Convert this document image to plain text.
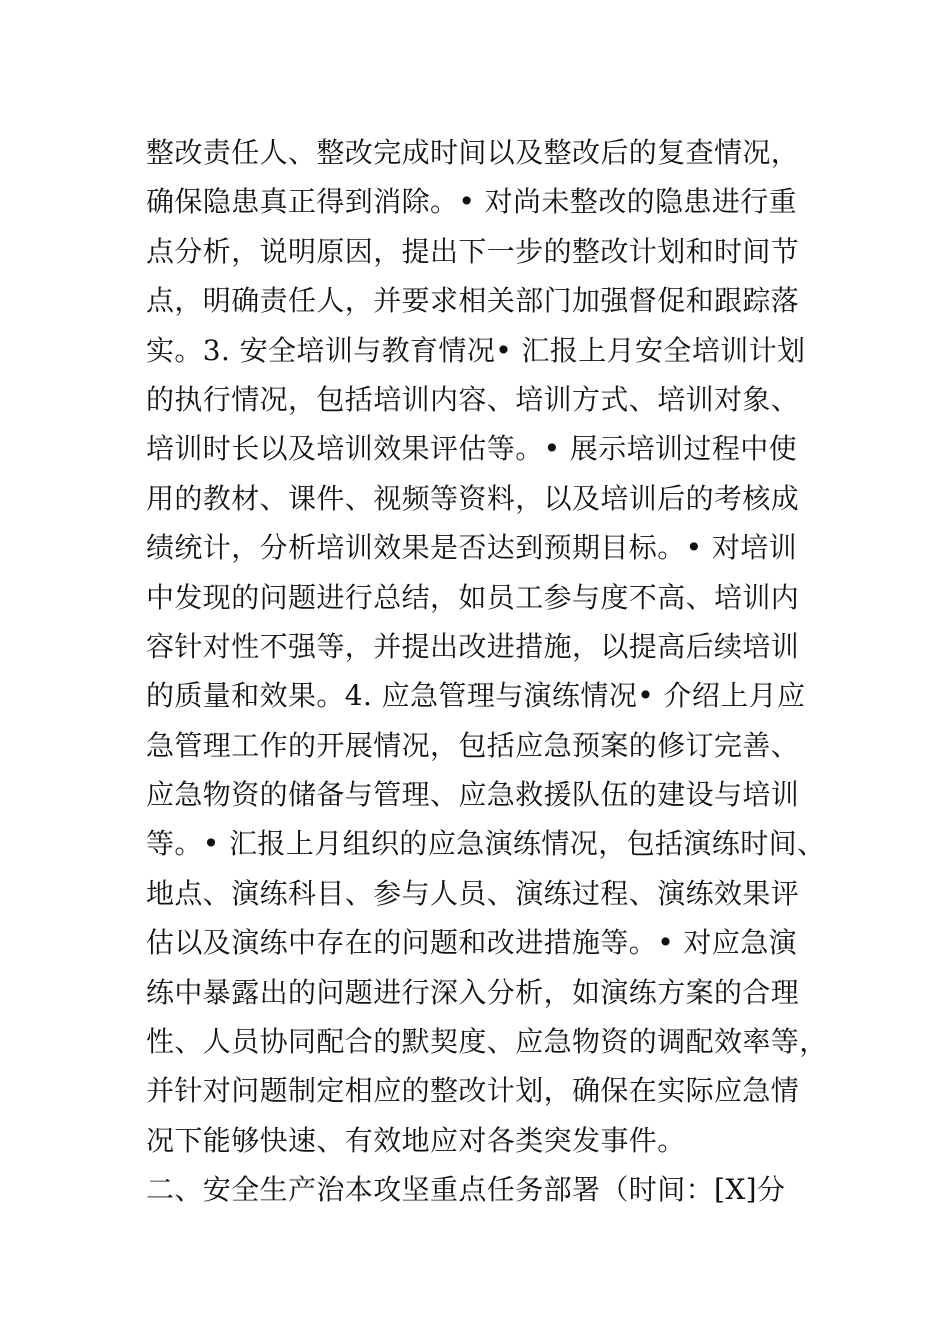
整改责任人、整改完成时间以及整改后的复查情况，
确保隐患真正得到消除。• 对尚未整改的隐患进行重
点分析，说明原因，提出下一步的整改计划和时间节
点，明确责任人，并要求相关部门加强督促和跟踪落
实。3. 安全培训与教育情况• 汇报上月安全培训计划
的执行情况，包括培训内容、培训方式、培训对象、
培训时长以及培训效果评估等。• 展示培训过程中使
用的教材、课件、视频等资料，以及培训后的考核成
绩统计，分析培训效果是否达到预期目标。• 对培训
中发现的问题进行总结，如员工参与度不高、培训内
容针对性不强等，并提出改进措施，以提高后续培训
的质量和效果。4. 应急管理与演练情况• 介绍上月应
急管理工作的开展情况，包括应急预案的修订完善、
应急物资的储备与管理、应急救援队伍的建设与培训
等。• 汇报上月组织的应急演练情况，包括演练时间、
地点、演练科目、参与人员、演练过程、演练效果评
估以及演练中存在的问题和改进措施等。• 对应急演
练中暴露出的问题进行深入分析，如演练方案的合理
性、人员协同配合的默契度、应急物资的调配效率等，
并针对问题制定相应的整改计划，确保在实际应急情
况下能够快速、有效地应对各类突发事件。
二、安全生产治本攻坚重点任务部署（时间：[X]分
